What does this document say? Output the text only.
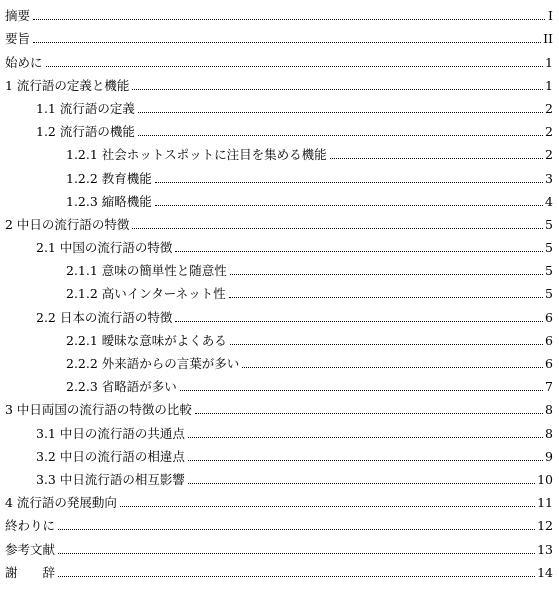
摘要	I
要旨	II
始めに	1
1 流行語の定義と機能	1
1.1 流行語の定義	2
1.2 流行語の機能	2
1.2.1 社会ホットスポットに注目を集める機能	2
1.2.2 教育機能	3
1.2.3 縮略機能	4
2 中日の流行語の特徴	5
2.1 中国の流行語の特徴	5
2.1.1 意味の簡単性と随意性	5
2.1.2 高いインターネット性	5
2.2 日本の流行語の特徴	6
2.2.1 曖昧な意味がよくある	6
2.2.2 外来語からの言葉が多い	6
2.2.3 省略語が多い	7
3 中日両国の流行語の特徴の比較	8
3.1 中日の流行語の共通点	8
3.2 中日の流行語の相違点	9
3.3 中日流行語の相互影響	10
4 流行語の発展動向	11
終わりに	12
参考文献	13
謝　　辞	14
